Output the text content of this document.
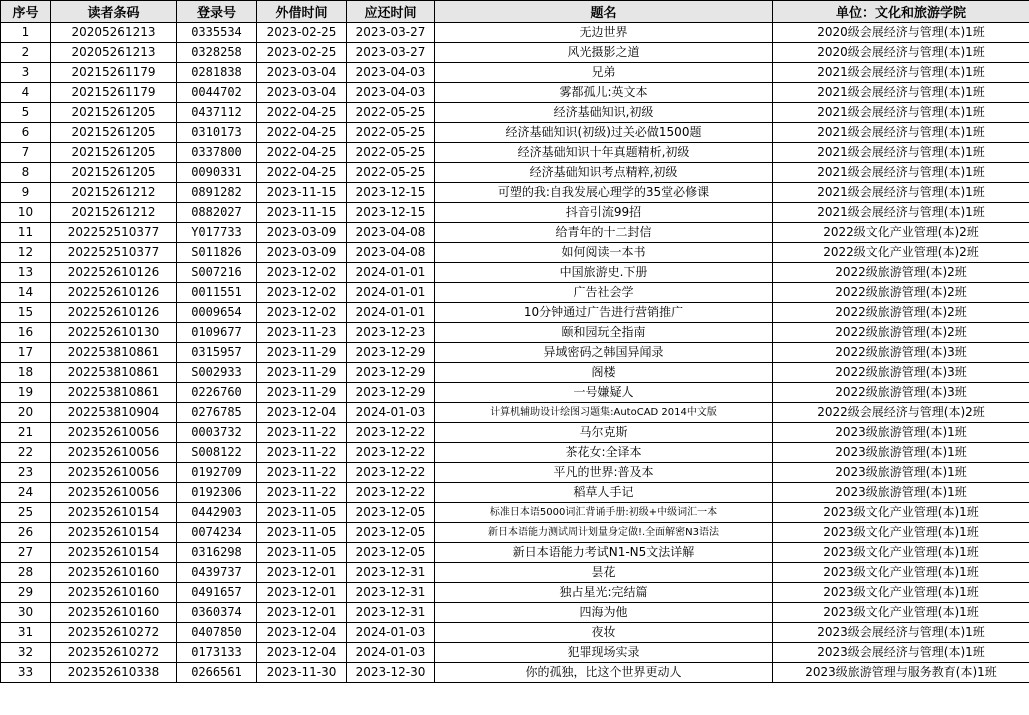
序号	读者条码	登录号	外借时间	应还时间	题名	单位：文化和旅游学院
1	20205261213	0335534	2023-02-25	2023-03-27	无边世界	2020级会展经济与管理(本)1班
2	20205261213	0328258	2023-02-25	2023-03-27	风光摄影之道	2020级会展经济与管理(本)1班
3	20215261179	0281838	2023-03-04	2023-04-03	兄弟	2021级会展经济与管理(本)1班
4	20215261179	0044702	2023-03-04	2023-04-03	雾都孤儿:英文本	2021级会展经济与管理(本)1班
5	20215261205	0437112	2022-04-25	2022-05-25	经济基础知识,初级	2021级会展经济与管理(本)1班
6	20215261205	0310173	2022-04-25	2022-05-25	经济基础知识(初级)过关必做1500题	2021级会展经济与管理(本)1班
7	20215261205	0337800	2022-04-25	2022-05-25	经济基础知识十年真题精析,初级	2021级会展经济与管理(本)1班
8	20215261205	0090331	2022-04-25	2022-05-25	经济基础知识考点精粹,初级	2021级会展经济与管理(本)1班
9	20215261212	0891282	2023-11-15	2023-12-15	可塑的我:自我发展心理学的35堂必修课	2021级会展经济与管理(本)1班
10	20215261212	0882027	2023-11-15	2023-12-15	抖音引流99招	2021级会展经济与管理(本)1班
11	202252510377	Y017733	2023-03-09	2023-04-08	给青年的十二封信	2022级文化产业管理(本)2班
12	202252510377	S011826	2023-03-09	2023-04-08	如何阅读一本书	2022级文化产业管理(本)2班
13	202252610126	S007216	2023-12-02	2024-01-01	中国旅游史.下册	2022级旅游管理(本)2班
14	202252610126	0011551	2023-12-02	2024-01-01	广告社会学	2022级旅游管理(本)2班
15	202252610126	0009654	2023-12-02	2024-01-01	10分钟通过广告进行营销推广	2022级旅游管理(本)2班
16	202252610130	0109677	2023-11-23	2023-12-23	颐和园玩全指南	2022级旅游管理(本)2班
17	202253810861	0315957	2023-11-29	2023-12-29	异域密码之韩国异闻录	2022级旅游管理(本)3班
18	202253810861	S002933	2023-11-29	2023-12-29	阁楼	2022级旅游管理(本)3班
19	202253810861	0226760	2023-11-29	2023-12-29	一号嫌疑人	2022级旅游管理(本)3班
20	202253810904	0276785	2023-12-04	2024-01-03	计算机辅助设计绘图习题集:AutoCAD 2014中文版	2022级会展经济与管理(本)2班
21	202352610056	0003732	2023-11-22	2023-12-22	马尔克斯	2023级旅游管理(本)1班
22	202352610056	S008122	2023-11-22	2023-12-22	茶花女:全译本	2023级旅游管理(本)1班
23	202352610056	0192709	2023-11-22	2023-12-22	平凡的世界:普及本	2023级旅游管理(本)1班
24	202352610056	0192306	2023-11-22	2023-12-22	稻草人手记	2023级旅游管理(本)1班
25	202352610154	0442903	2023-11-05	2023-12-05	标准日本语5000词汇背诵手册:初级+中级词汇一本	2023级文化产业管理(本)1班
26	202352610154	0074234	2023-11-05	2023-12-05	新日本语能力测试周计划量身定做!.全面解密N3语法	2023级文化产业管理(本)1班
27	202352610154	0316298	2023-11-05	2023-12-05	新日本语能力考试N1-N5文法详解	2023级文化产业管理(本)1班
28	202352610160	0439737	2023-12-01	2023-12-31	昙花	2023级文化产业管理(本)1班
29	202352610160	0491657	2023-12-01	2023-12-31	独占星光:完结篇	2023级文化产业管理(本)1班
30	202352610160	0360374	2023-12-01	2023-12-31	四海为他	2023级文化产业管理(本)1班
31	202352610272	0407850	2023-12-04	2024-01-03	夜妆	2023级会展经济与管理(本)1班
32	202352610272	0173133	2023-12-04	2024-01-03	犯罪现场实录	2023级会展经济与管理(本)1班
33	202352610338	0266561	2023-11-30	2023-12-30	你的孤独，比这个世界更动人	2023级旅游管理与服务教育(本)1班
